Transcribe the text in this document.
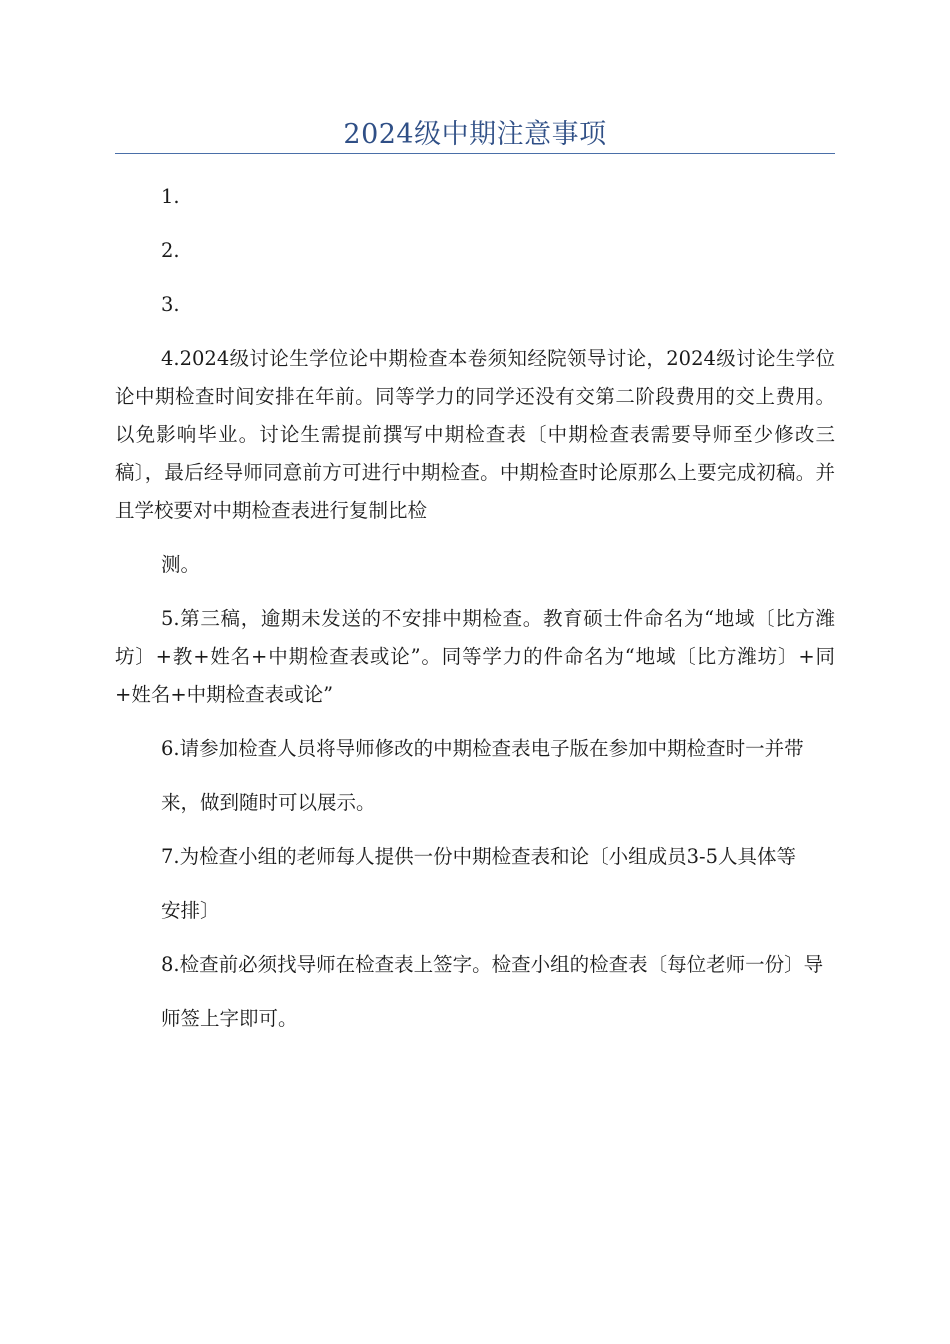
2024级中期注意事项

1.

2.

3.

4.2024级讨论生学位论中期检查本卷须知经院领导讨论，2024级讨论生学位论中期检查时间安排在年前。同等学力的同学还没有交第二阶段费用的交上费用。以免影响毕业。讨论生需提前撰写中期检查表〔中期检查表需要导师至少修改三稿〕，最后经导师同意前方可进行中期检查。中期检查时论原那么上要完成初稿。并且学校要对中期检查表进行复制比检

测。

5.第三稿，逾期未发送的不安排中期检查。教育硕士件命名为“地域〔比方潍坊〕+教+姓名+中期检查表或论”。同等学力的件命名为“地域〔比方潍坊〕+同+姓名+中期检查表或论”

6.请参加检查人员将导师修改的中期检查表电子版在参加中期检查时一并带

来，做到随时可以展示。

7.为检查小组的老师每人提供一份中期检查表和论〔小组成员3-5人具体等

安排〕

8.检查前必须找导师在检查表上签字。检查小组的检查表〔每位老师一份〕导

师签上字即可。
